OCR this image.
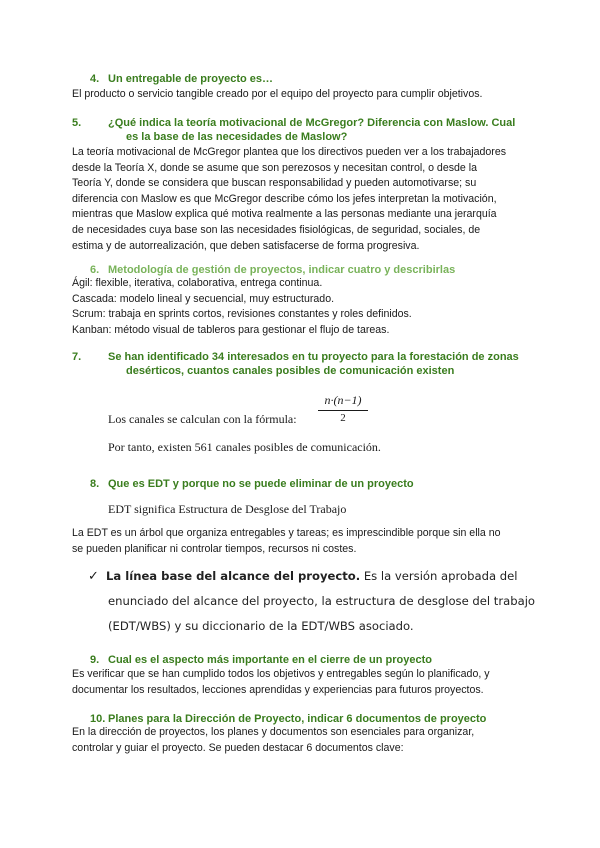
4. Un entregable de proyecto es…
El producto o servicio tangible creado por el equipo del proyecto para cumplir objetivos.
5. ¿Qué indica la teoría motivacional de McGregor? Diferencia con Maslow. Cual
es la base de las necesidades de Maslow?
La teoría motivacional de McGregor plantea que los directivos pueden ver a los trabajadores
desde la Teoría X, donde se asume que son perezosos y necesitan control, o desde la
Teoría Y, donde se considera que buscan responsabilidad y pueden automotivarse; su
diferencia con Maslow es que McGregor describe cómo los jefes interpretan la motivación,
mientras que Maslow explica qué motiva realmente a las personas mediante una jerarquía
de necesidades cuya base son las necesidades fisiológicas, de seguridad, sociales, de
estima y de autorrealización, que deben satisfacerse de forma progresiva.
6. Metodología de gestión de proyectos, indicar cuatro y describirlas
Ágil: flexible, iterativa, colaborativa, entrega continua.
Cascada: modelo lineal y secuencial, muy estructurado.
Scrum: trabaja en sprints cortos, revisiones constantes y roles definidos.
Kanban: método visual de tableros para gestionar el flujo de tareas.
7. Se han identificado 34 interesados en tu proyecto para la forestación de zonas
desérticos, cuantos canales posibles de comunicación existen
Los canales se calculan con la fórmula: $\frac{n\cdot(n-1)}{2}$
Por tanto, existen 561 canales posibles de comunicación.
8. Que es EDT y porque no se puede eliminar de un proyecto
EDT significa Estructura de Desglose del Trabajo
La EDT es un árbol que organiza entregables y tareas; es imprescindible porque sin ella no
se pueden planificar ni controlar tiempos, recursos ni costes.
✓ La línea base del alcance del proyecto. Es la versión aprobada del
enunciado del alcance del proyecto, la estructura de desglose del trabajo
(EDT/WBS) y su diccionario de la EDT/WBS asociado.
9. Cual es el aspecto más importante en el cierre de un proyecto
Es verificar que se han cumplido todos los objetivos y entregables según lo planificado, y
documentar los resultados, lecciones aprendidas y experiencias para futuros proyectos.
10. Planes para la Dirección de Proyecto, indicar 6 documentos de proyecto
En la dirección de proyectos, los planes y documentos son esenciales para organizar,
controlar y guiar el proyecto. Se pueden destacar 6 documentos clave:
